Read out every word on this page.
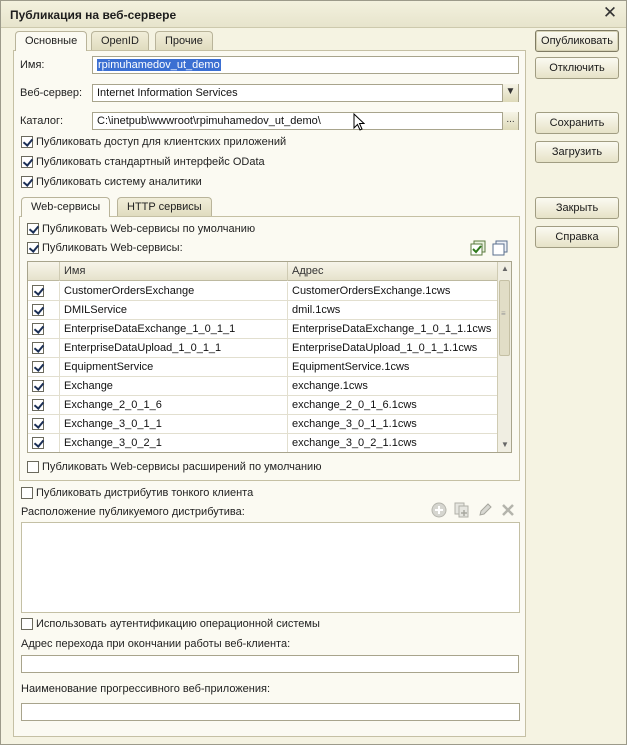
Публикация на веб-сервере	✕
Основные	OpenID	Прочие
Имя:	rpimuhamedov_ut_demo
Веб-сервер:	Internet Information Services	▼
Каталог:	C:\inetpub\wwwroot\rpimuhamedov_ut_demo\	...
Публиковать доступ для клиентских приложений
Публиковать стандартный интерфейс OData
Публиковать систему аналитики
Web-сервисы	HTTP сервисы
Публиковать Web-сервисы по умолчанию
Публиковать Web-сервисы:
Имя	Адрес
CustomerOrdersExchange	CustomerOrdersExchange.1cws
DMILService	dmil.1cws
EnterpriseDataExchange_1_0_1_1	EnterpriseDataExchange_1_0_1_1.1cws
EnterpriseDataUpload_1_0_1_1	EnterpriseDataUpload_1_0_1_1.1cws
EquipmentService	EquipmentService.1cws
Exchange	exchange.1cws
Exchange_2_0_1_6	exchange_2_0_1_6.1cws
Exchange_3_0_1_1	exchange_3_0_1_1.1cws
Exchange_3_0_2_1	exchange_3_0_2_1.1cws
▲
≡
▼
Публиковать Web-сервисы расширений по умолчанию
Публиковать дистрибутив тонкого клиента
Расположение публикуемого дистрибутива:
Использовать аутентификацию операционной системы
Адрес перехода при окончании работы веб-клиента:
Наименование прогрессивного веб-приложения:
Опубликовать
Отключить
Сохранить
Загрузить
Закрыть
Справка
